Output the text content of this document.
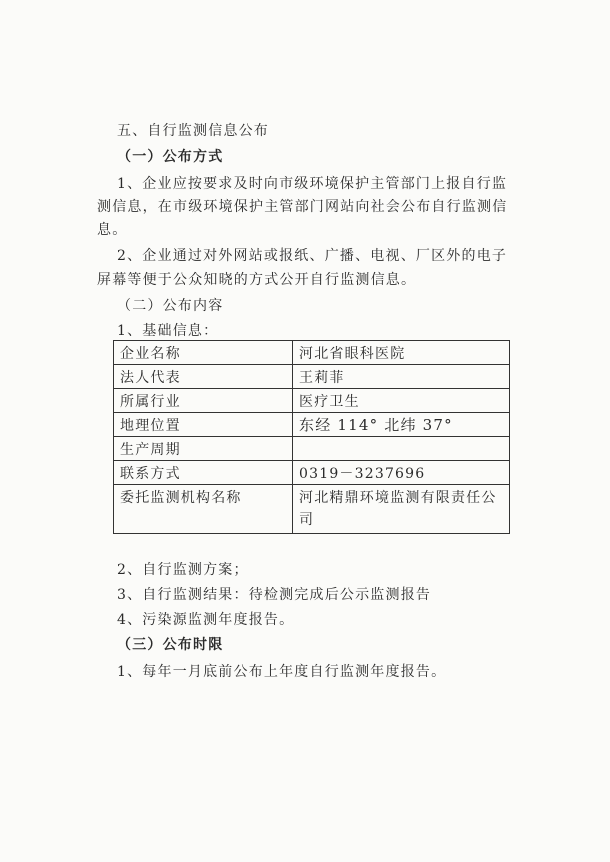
五、自行监测信息公布
（一）公布方式
1、企业应按要求及时向市级环境保护主管部门上报自行监
测信息，在市级环境保护主管部门网站向社会公布自行监测信
息。
2、企业通过对外网站或报纸、广播、电视、厂区外的电子
屏幕等便于公众知晓的方式公开自行监测信息。
（二）公布内容
1、基础信息：
企业名称	河北省眼科医院
法人代表	王莉菲
所属行业	医疗卫生
地理位置	东经 114° 北纬 37°
生产周期	
联系方式	0319－3237696
委托监测机构名称	河北精鼎环境监测有限责任公司
2、自行监测方案；
3、自行监测结果：待检测完成后公示监测报告
4、污染源监测年度报告。
（三）公布时限
1、每年一月底前公布上年度自行监测年度报告。
